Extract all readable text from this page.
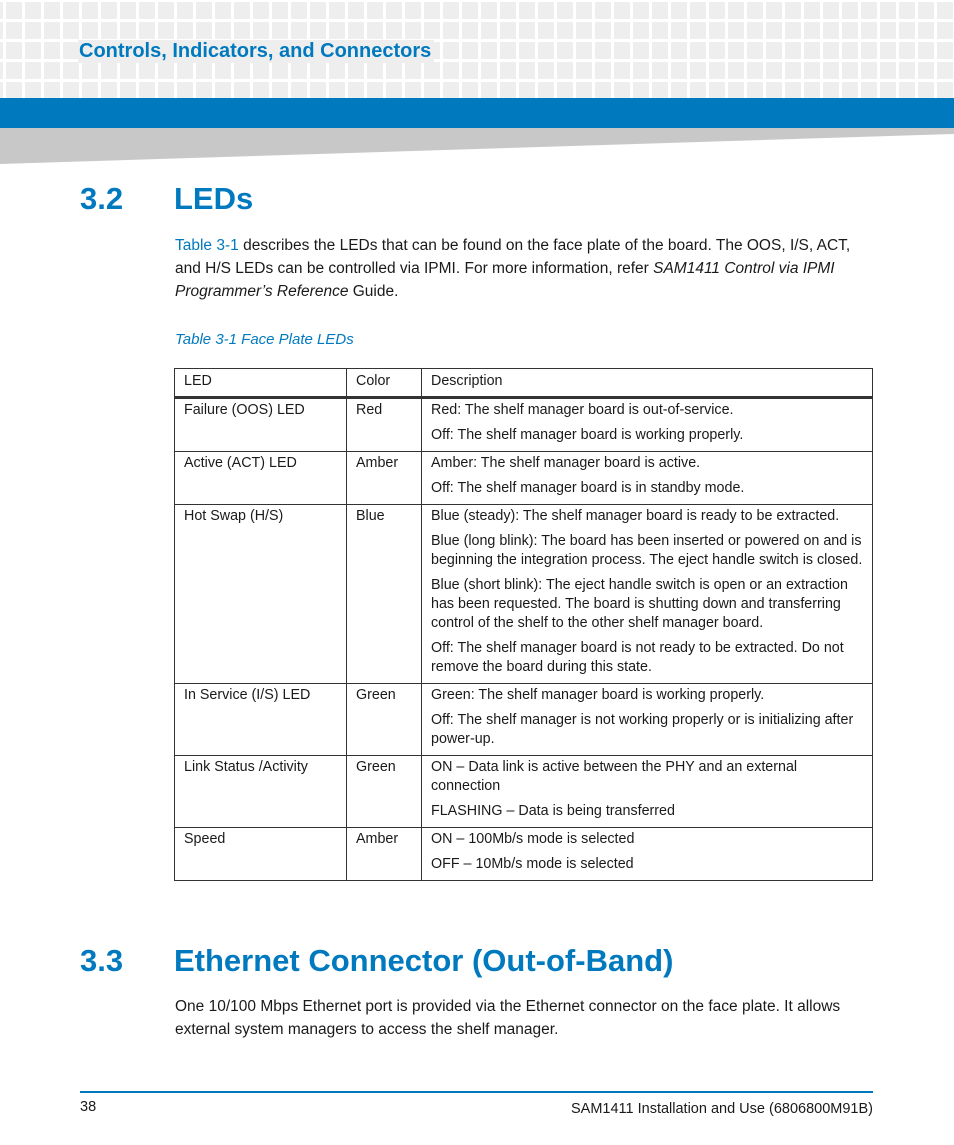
Controls, Indicators, and Connectors
3.2 LEDs

Table 3-1 describes the LEDs that can be found on the face plate of the board. The OOS, I/S, ACT, and H/S LEDs can be controlled via IPMI. For more information, refer SAM1411 Control via IPMI Programmer’s Reference Guide.

Table 3-1 Face Plate LEDs

LED	Color	Description
Failure (OOS) LED	Red	Red: The shelf manager board is out-of-service.

Off: The shelf manager board is working properly.

Active (ACT) LED	Amber	Amber: The shelf manager board is active.

Off: The shelf manager board is in standby mode.

Hot Swap (H/S)	Blue	Blue (steady): The shelf manager board is ready to be extracted.

Blue (long blink): The board has been inserted or powered on and is beginning the integration process. The eject handle switch is closed.

Blue (short blink): The eject handle switch is open or an extraction has been requested. The board is shutting down and transferring control of the shelf to the other shelf manager board.

Off: The shelf manager board is not ready to be extracted. Do not remove the board during this state.

In Service (I/S) LED	Green	Green: The shelf manager board is working properly.

Off: The shelf manager is not working properly or is initializing after power-up.

Link Status /Activity	Green	ON – Data link is active between the PHY and an external connection

FLASHING – Data is being transferred

Speed	Amber	ON – 100Mb/s mode is selected

OFF – 10Mb/s mode is selected

3.3 Ethernet Connector (Out-of-Band)

One 10/100 Mbps Ethernet port is provided via the Ethernet connector on the face plate. It allows external system managers to access the shelf manager.

38	SAM1411 Installation and Use (6806800M91B)
